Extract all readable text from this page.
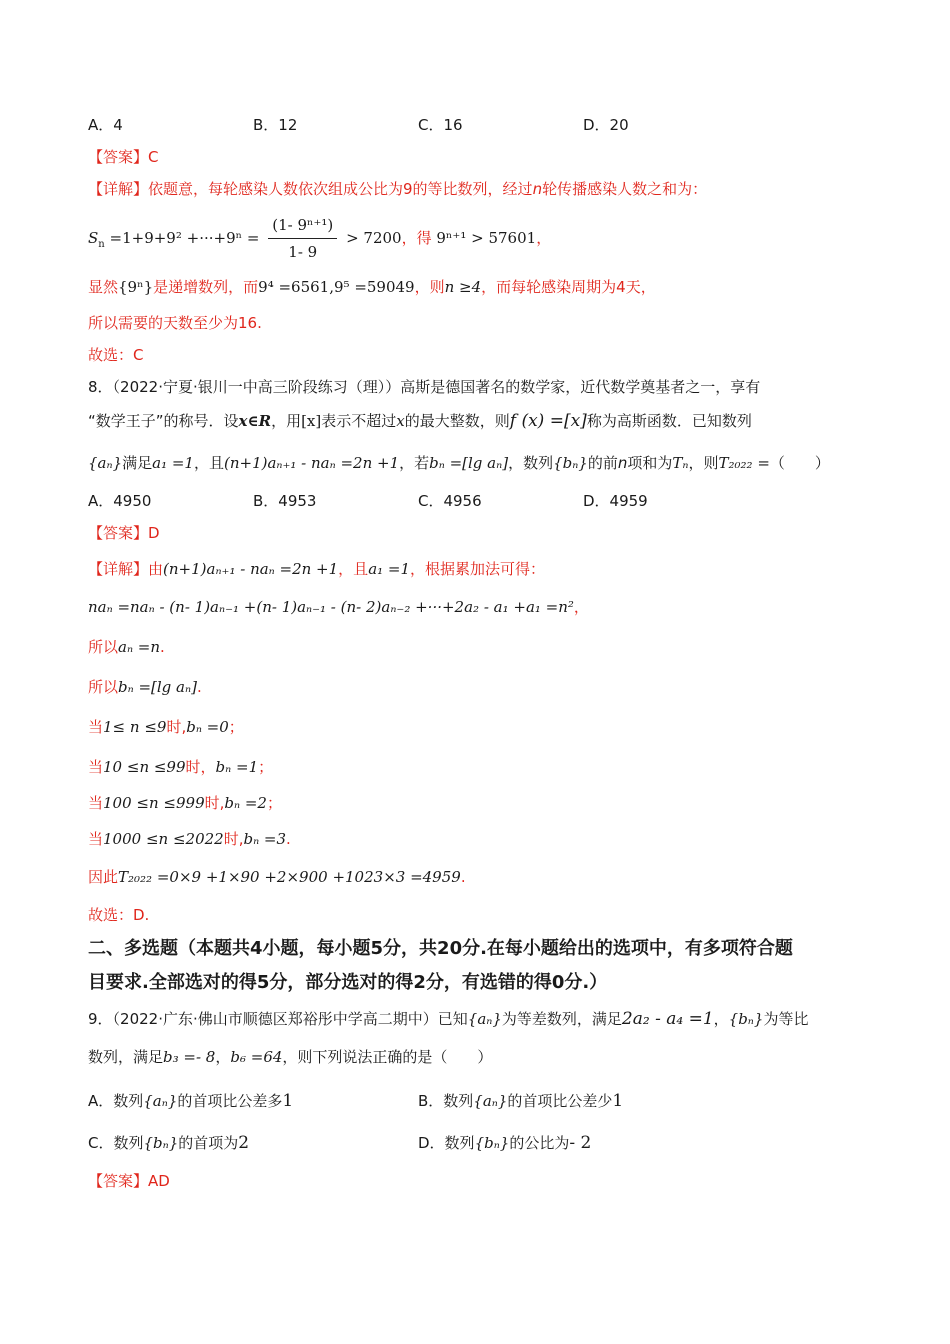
A．4	B．12	C．16	D．20
【答案】C
【详解】依题意，每轮感染人数依次组成公比为9的等比数列，经过n轮传播感染人数之和为：
$S_n =1+9+9^2 +\cdot\cdot\cdot+9^n = \frac{\text{(1- 9ⁿ⁺¹)}}{1- 9} > 7200$，得 9ⁿ⁺¹ > 57601，
显然{9ⁿ}是递增数列，而9⁴ =6561,9⁵ =59049，则n ≥4，而每轮感染周期为4天，
所以需要的天数至少为16.
故选：C
8．（2022·宁夏·银川一中高三阶段练习（理））高斯是德国著名的数学家，近代数学奠基者之一，享有
“数学王子”的称号．设x∈R，用[x]表示不超过x的最大整数，则f (x) =[x]称为高斯函数．已知数列
{aₙ}满足a₁ =1，且(n+1)aₙ₊₁ - naₙ =2n +1，若bₙ =[lg aₙ]，数列{bₙ}的前n项和为Tₙ，则T₂₀₂₂ =（　　）
A．4950	B．4953	C．4956	D．4959
【答案】D
【详解】由(n+1)aₙ₊₁ - naₙ =2n +1，且a₁ =1，根据累加法可得：
naₙ =naₙ - (n- 1)aₙ₋₁ +(n- 1)aₙ₋₁ - (n- 2)aₙ₋₂ +···+2a₂ - a₁ +a₁ =n²，
所以aₙ =n.
所以bₙ =[lg aₙ].
当1≤ n ≤9时,bₙ =0；
当10 ≤n ≤99时，bₙ =1；
当100 ≤n ≤999时,bₙ =2；
当1000 ≤n ≤2022时,bₙ =3.
因此T₂₀₂₂ =0×9 +1×90 +2×900 +1023×3 =4959.
故选：D.
二、多选题（本题共4小题，每小题5分，共20分.在每小题给出的选项中，有多项符合题
目要求.全部选对的得5分，部分选对的得2分，有选错的得0分.）
9．（2022·广东·佛山市顺德区郑裕彤中学高二期中）已知{aₙ}为等差数列，满足2a₂ - a₄ =1，{bₙ}为等比
数列，满足b₃ =- 8，b₆ =64，则下列说法正确的是（　　）
A．数列{aₙ}的首项比公差多1	B．数列{aₙ}的首项比公差少1
C．数列{bₙ}的首项为2	D．数列{bₙ}的公比为- 2
【答案】AD
